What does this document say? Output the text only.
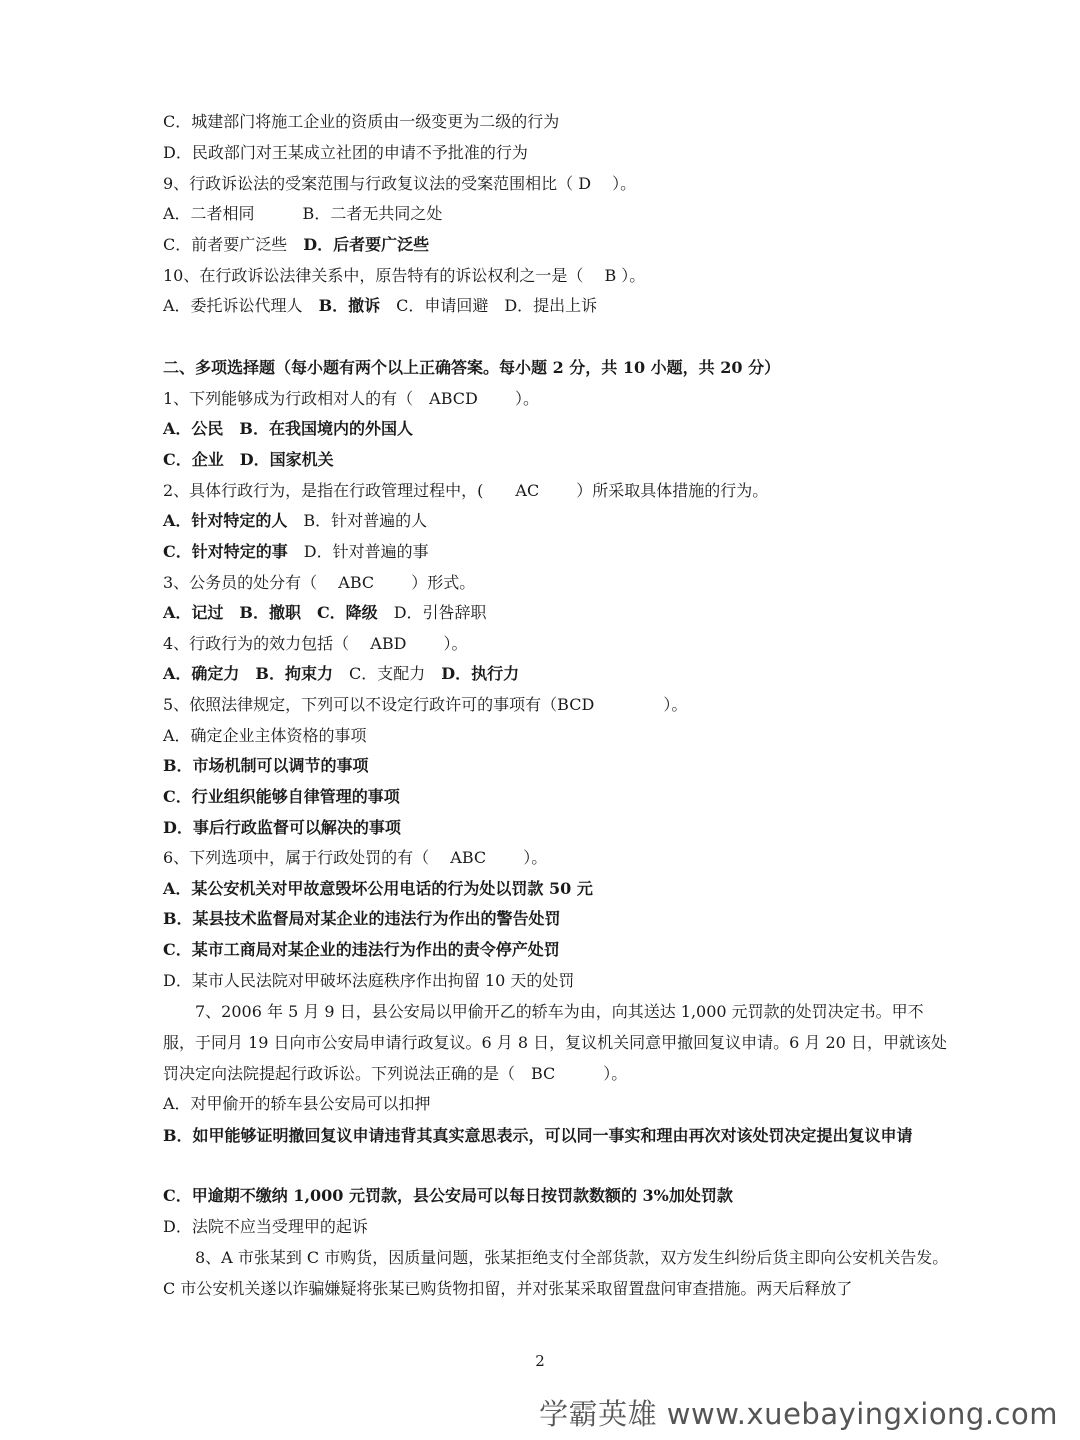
C．城建部门将施工企业的资质由一级变更为二级的行为
D．民政部门对王某成立社团的申请不予批准的行为
9、行政诉讼法的受案范围与行政复议法的受案范围相比（ D　 ）。
A．二者相同　　　B．二者无共同之处
C．前者要广泛些　D．后者要广泛些
10、在行政诉讼法律关系中，原告特有的诉讼权利之一是（　 B ）。
A．委托诉讼代理人　B．撤诉　C．申请回避　D．提出上诉
二、多项选择题（每小题有两个以上正确答案。每小题 2 分，共 10 小题，共 20 分）
1、下列能够成为行政相对人的有（　ABCD　　 ）。
A．公民　B．在我国境内的外国人
C．企业　D．国家机关
2、具体行政行为，是指在行政管理过程中，(　　AC　　 ）所采取具体措施的行为。
A．针对特定的人　B．针对普遍的人
C．针对特定的事　D．针对普遍的事
3、公务员的处分有（　 ABC　　 ）形式。
A．记过　B．撤职　C．降级　D．引咎辞职
4、行政行为的效力包括（　 ABD　　 ）。
A．确定力　B．拘束力　C．支配力　D．执行力
5、依照法律规定，下列可以不设定行政许可的事项有（BCD　　　　 ）。
A．确定企业主体资格的事项
B．市场机制可以调节的事项
C．行业组织能够自律管理的事项
D．事后行政监督可以解决的事项
6、下列选项中，属于行政处罚的有（　 ABC　　 ）。
A．某公安机关对甲故意毁坏公用电话的行为处以罚款 50 元
B．某县技术监督局对某企业的违法行为作出的警告处罚
C．某市工商局对某企业的违法行为作出的责令停产处罚
D．某市人民法院对甲破坏法庭秩序作出拘留 10 天的处罚
7、2006 年 5 月 9 日，县公安局以甲偷开乙的轿车为由，向其送达 1,000 元罚款的处罚决定书。甲不服，于同月 19 日向市公安局申请行政复议。6 月 8 日，复议机关同意甲撤回复议申请。6 月 20 日，甲就该处罚决定向法院提起行政诉讼。下列说法正确的是（　BC　　　）。
A．对甲偷开的轿车县公安局可以扣押
B．如甲能够证明撤回复议申请违背其真实意思表示，可以同一事实和理由再次对该处罚决定提出复议申请
C．甲逾期不缴纳 1,000 元罚款，县公安局可以每日按罚款数额的 3%加处罚款
D．法院不应当受理甲的起诉
8、A 市张某到 C 市购货，因质量问题，张某拒绝支付全部货款，双方发生纠纷后货主即向公安机关告发。C 市公安机关遂以诈骗嫌疑将张某已购货物扣留，并对张某采取留置盘问审查措施。两天后释放了
2
学霸英雄 www.xuebayingxiong.com
